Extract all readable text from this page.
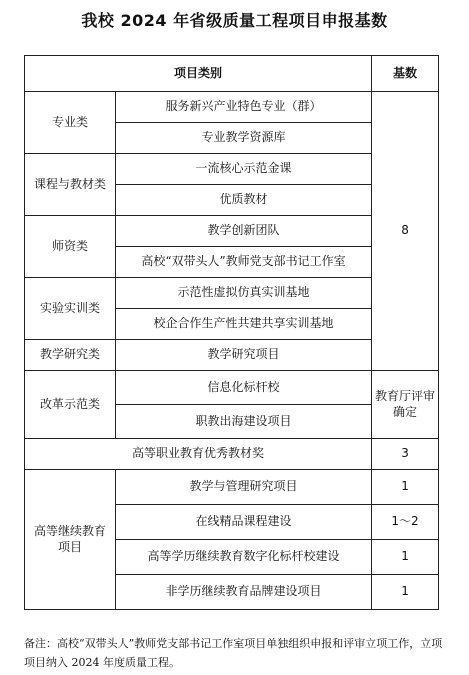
我校 2024 年省级质量工程项目申报基数
项目类别		基数
专业类	服务新兴产业特色专业（群）	8
	专业教学资源库	
课程与教材类	一流核心示范金课	
	优质教材	
师资类	教学创新团队	
	高校“双带头人”教师党支部书记工作室	
实验实训类	示范性虚拟仿真实训基地	
	校企合作生产性共建共享实训基地	
教学研究类	教学研究项目	
改革示范类	信息化标杆校	教育厅评审确定
	职教出海建设项目	
高等职业教育优秀教材奖		3
高等继续教育项目	教学与管理研究项目	1
	在线精品课程建设	1～2
	高等学历继续教育数字化标杆校建设	1
	非学历继续教育品牌建设项目	1
备注：高校“双带头人”教师党支部书记工作室项目单独组织申报和评审立项工作，立项项目纳入 2024 年度质量工程。
